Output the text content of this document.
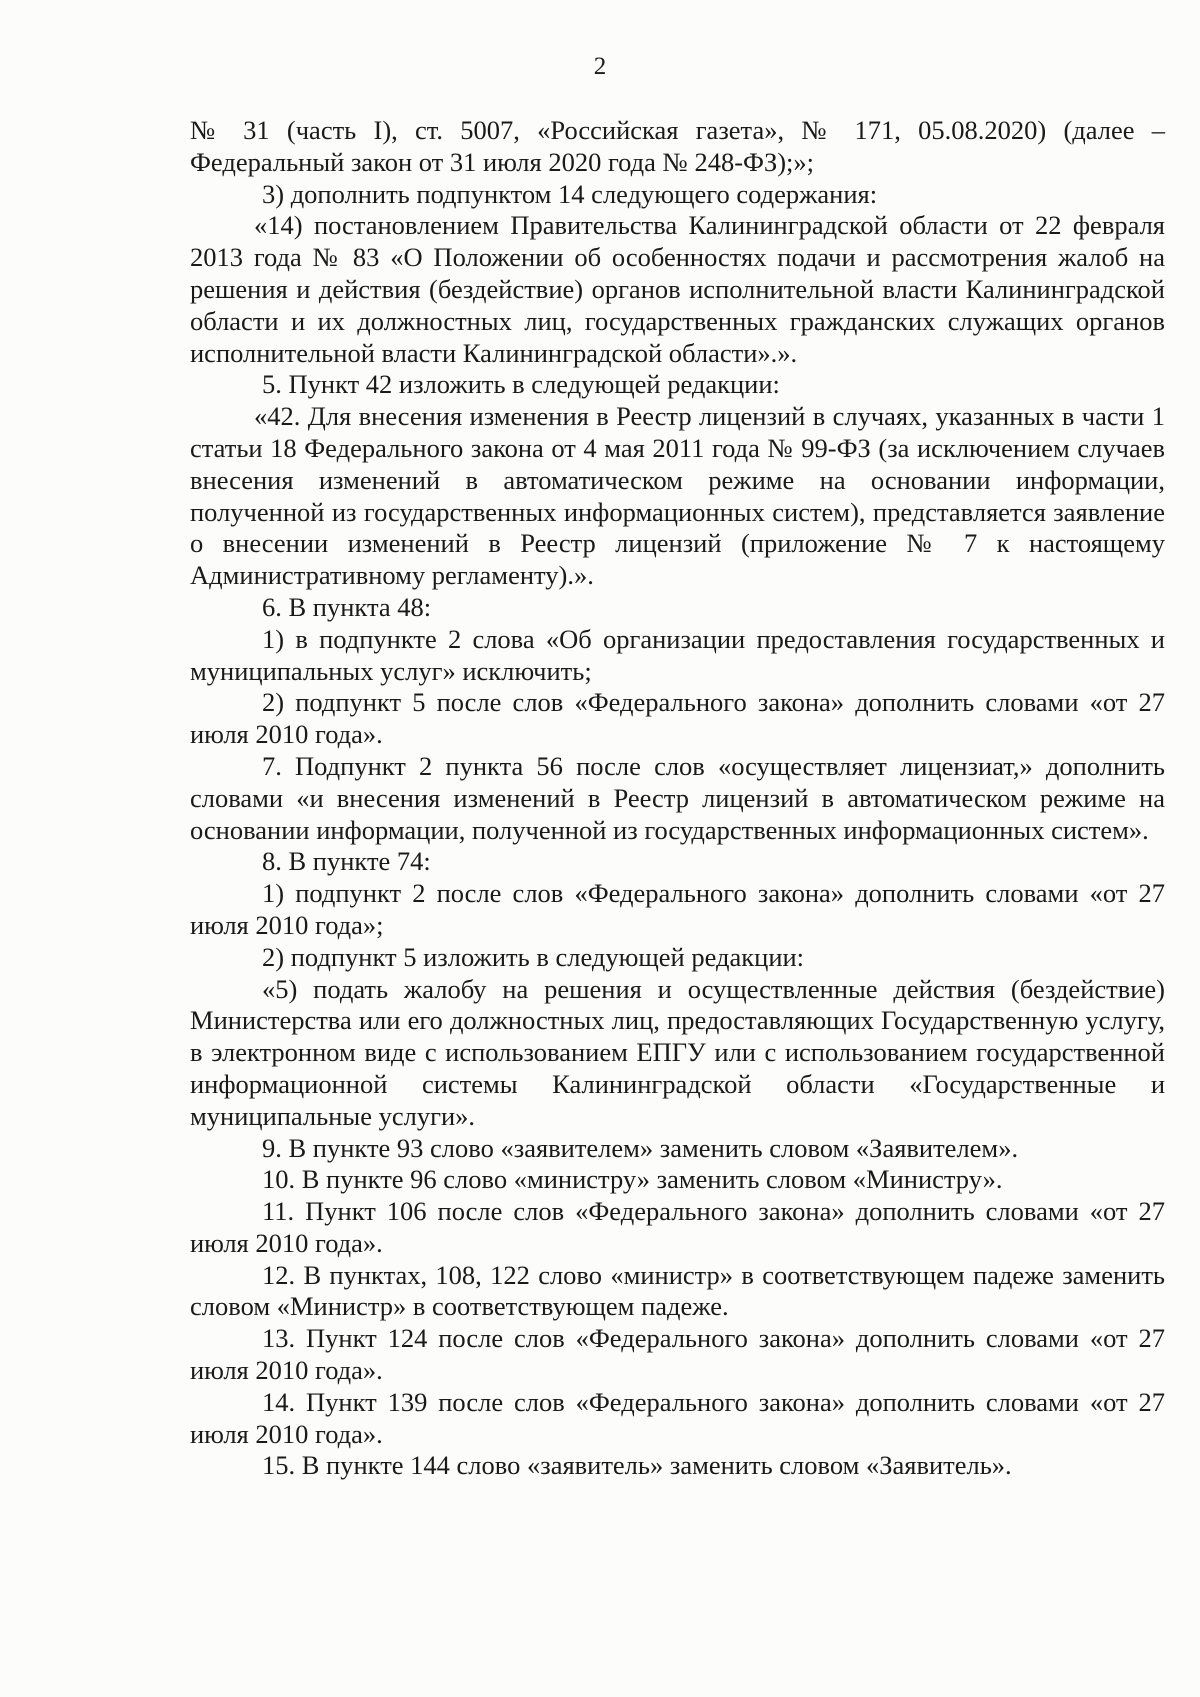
2

№ 31 (часть I), ст. 5007, «Российская газета», № 171, 05.08.2020) (далее – Федеральный закон от 31 июля 2020 года № 248-ФЗ);»;

3) дополнить подпунктом 14 следующего содержания:

«14) постановлением Правительства Калининградской области от 22 февраля 2013 года № 83 «О Положении об особенностях подачи и рассмотрения жалоб на решения и действия (бездействие) органов исполнительной власти Калининградской области и их должностных лиц, государственных гражданских служащих органов исполнительной власти Калининградской области».».

5. Пункт 42 изложить в следующей редакции:

«42. Для внесения изменения в Реестр лицензий в случаях, указанных в части 1 статьи 18 Федерального закона от 4 мая 2011 года № 99-ФЗ (за исключением случаев внесения изменений в автоматическом режиме на основании информации, полученной из государственных информационных систем), представляется заявление о внесении изменений в Реестр лицензий (приложение № 7 к настоящему Административному регламенту).».

6. В пункта 48:

1) в подпункте 2 слова «Об организации предоставления государственных и муниципальных услуг» исключить;

2) подпункт 5 после слов «Федерального закона» дополнить словами «от 27 июля 2010 года».

7. Подпункт 2 пункта 56 после слов «осуществляет лицензиат,» дополнить словами «и внесения изменений в Реестр лицензий в автоматическом режиме на основании информации, полученной из государственных информационных систем».

8. В пункте 74:

1) подпункт 2 после слов «Федерального закона» дополнить словами «от 27 июля 2010 года»;

2) подпункт 5 изложить в следующей редакции:

«5) подать жалобу на решения и осуществленные действия (бездействие) Министерства или его должностных лиц, предоставляющих Государственную услугу, в электронном виде с использованием ЕПГУ или с использованием государственной информационной системы Калининградской области «Государственные и муниципальные услуги».

9. В пункте 93 слово «заявителем» заменить словом «Заявителем».

10. В пункте 96 слово «министру» заменить словом «Министру».

11. Пункт 106 после слов «Федерального закона» дополнить словами «от 27 июля 2010 года».

12. В пунктах, 108, 122 слово «министр» в соответствующем падеже заменить словом «Министр» в соответствующем падеже.

13. Пункт 124 после слов «Федерального закона» дополнить словами «от 27 июля 2010 года».

14. Пункт 139 после слов «Федерального закона» дополнить словами «от 27 июля 2010 года».

15. В пункте 144 слово «заявитель» заменить словом «Заявитель».
